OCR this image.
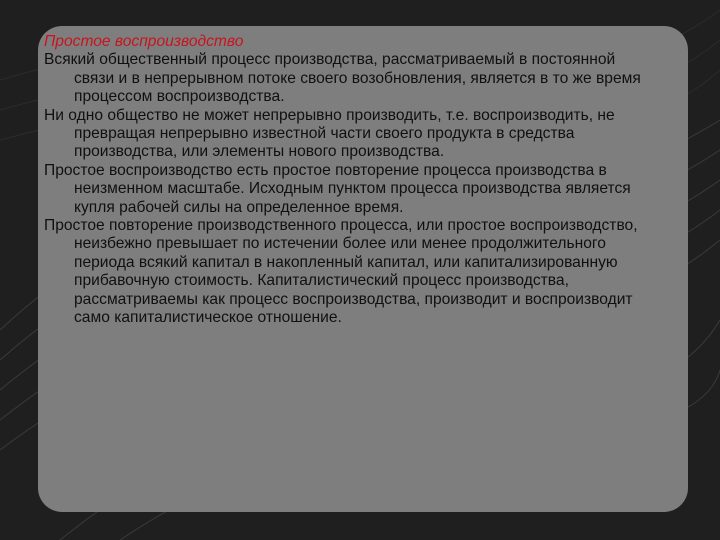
Простое воспроизводство

Всякий общественный процесс производства, рассматриваемый в постоянной связи и в непрерывном потоке своего возобновления, является в то же время процессом воспроизводства.

Ни одно общество не может непрерывно производить, т.е. воспроизводить, не превращая непрерывно известной части своего продукта в средства производства, или элементы нового производства.

Простое воспроизводство есть простое повторение процесса производства в неизменном масштабе. Исходным пунктом процесса производства является купля рабочей силы на определенное время.

Простое повторение производственного процесса, или простое воспроизводство, неизбежно превышает по истечении более или менее продолжительного периода всякий капитал в накопленный капитал, или капитализированную прибавочную стоимость. Капиталистический процесс производства, рассматриваемы как процесс воспроизводства, производит и воспроизводит само капиталистическое отношение.
